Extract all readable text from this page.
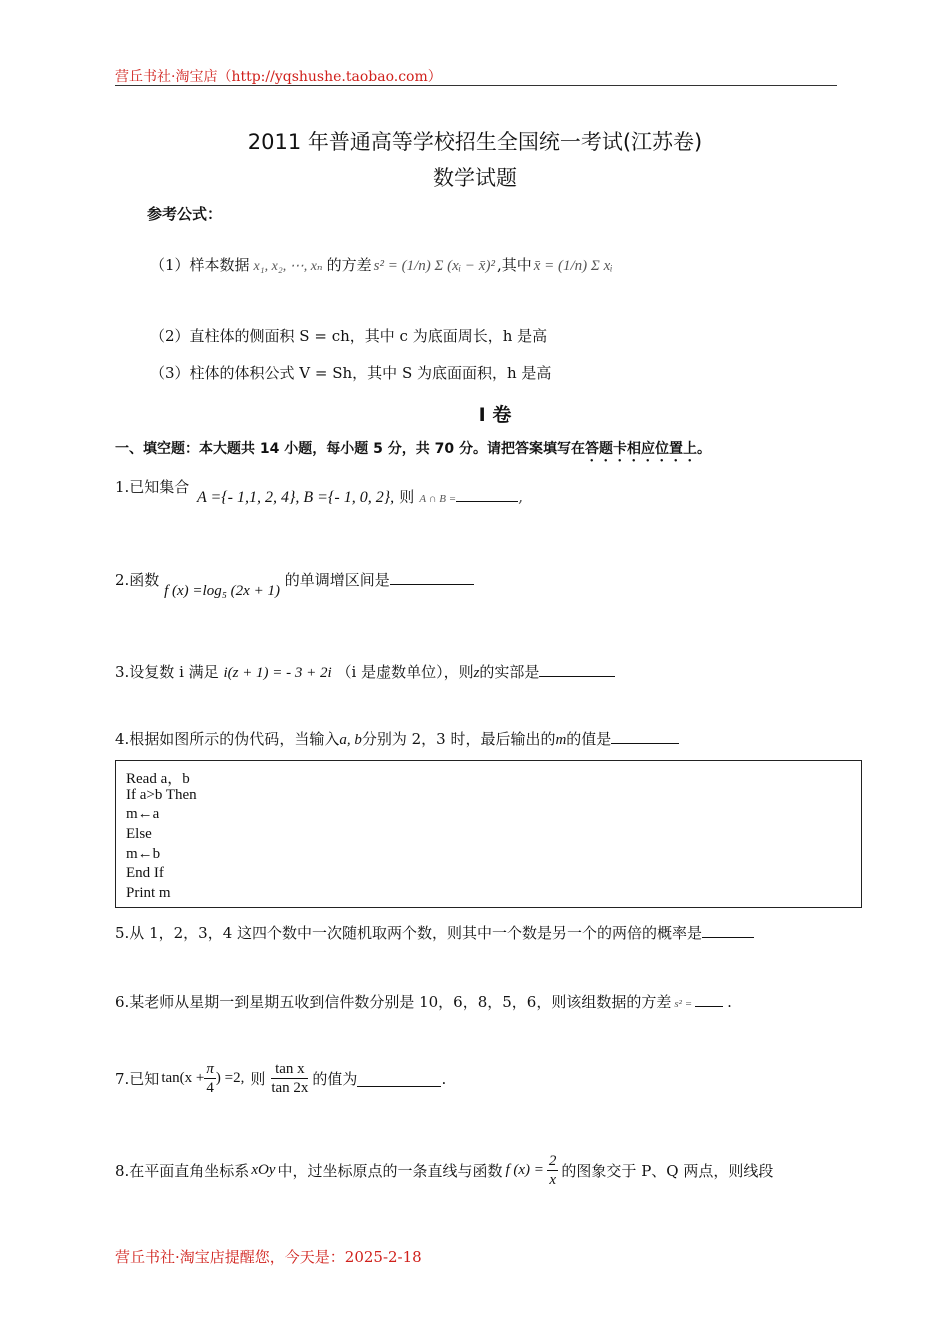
营丘书社·淘宝店（http://yqshushe.taobao.com）
2011 年普通高等学校招生全国统一考试(江苏卷)
数学试题
参考公式：
（1）样本数据 x₁, x₂, ⋯, xₙ 的方差 s² = (1/n) Σ (xᵢ − x̄)² ,其中 x̄ = (1/n) Σ xᵢ
（2）直柱体的侧面积 S = ch，其中 c 为底面周长，h 是高
（3）柱体的体积公式 V = Sh，其中 S 为底面面积，h 是高
Ⅰ 卷
一、填空题：本大题共 14 小题，每小题 5 分，共 70 分。请把答案填写在答题卡相应位置上。
1.已知集合
A ={- 1,1, 2, 4}, B ={- 1, 0, 2}, 则 A ∩ B =	,
2.函数 f (x) =log₅ (2x + 1) 的单调增区间是
3.设复数 i 满足 i(z + 1) = - 3 + 2i （i 是虚数单位），则z的实部是
4.根据如图所示的伪代码，当输入a, b分别为 2，3 时，最后输出的m的值是
Read a，b
If a>b Then
m←a
Else
m←b
End If
Print m
5.从 1，2，3，4 这四个数中一次随机取两个数，则其中一个数是另一个的两倍的概率是
6.某老师从星期一到星期五收到信件数分别是 10，6，8，5，6，则该组数据的方差 s² = .
7.已知 $\tan(x + \frac{\pi}{4}$ ) =2, 则 $\frac{\text{tan x}}{\tan 2x}$ 的值为	.
8.在平面直角坐标系 xOy 中，过坐标原点的一条直线与函数 f $(x) = \frac{2}{x}$ 的图象交于 P、Q 两点，则线段
营丘书社·淘宝店提醒您，今天是：2025-2-18
